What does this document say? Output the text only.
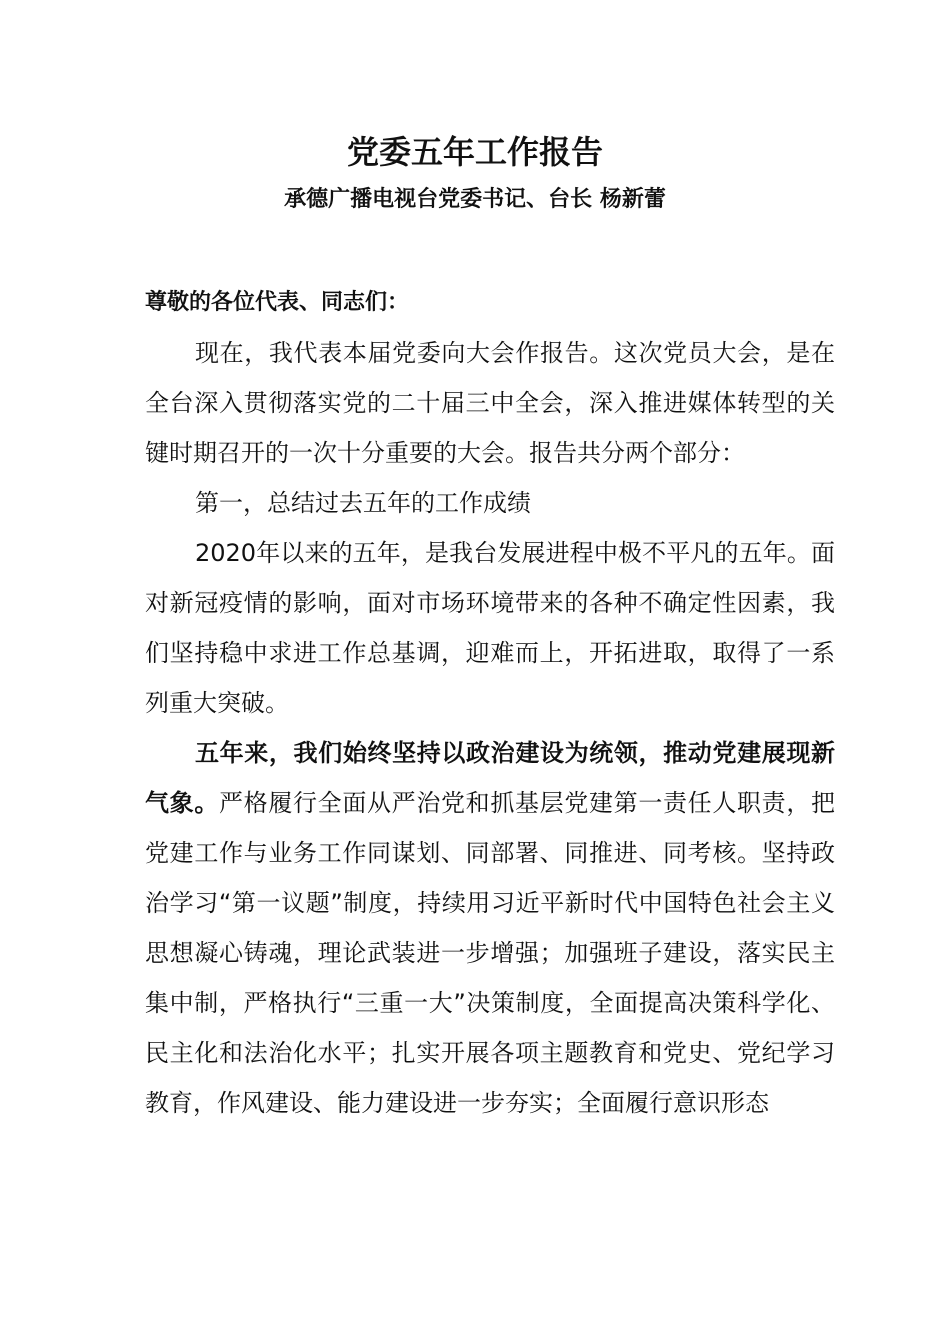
党委五年工作报告
承德广播电视台党委书记、台长 杨新蕾

尊敬的各位代表、同志们：

现在，我代表本届党委向大会作报告。这次党员大会，是在全台深入贯彻落实党的二十届三中全会，深入推进媒体转型的关键时期召开的一次十分重要的大会。报告共分两个部分：

第一，总结过去五年的工作成绩

2020年以来的五年，是我台发展进程中极不平凡的五年。面对新冠疫情的影响，面对市场环境带来的各种不确定性因素，我们坚持稳中求进工作总基调，迎难而上，开拓进取，取得了一系列重大突破。

五年来，我们始终坚持以政治建设为统领，推动党建展现新气象。严格履行全面从严治党和抓基层党建第一责任人职责，把党建工作与业务工作同谋划、同部署、同推进、同考核。坚持政治学习“第一议题”制度，持续用习近平新时代中国特色社会主义思想凝心铸魂，理论武装进一步增强；加强班子建设，落实民主集中制，严格执行“三重一大”决策制度，全面提高决策科学化、民主化和法治化水平；扎实开展各项主题教育和党史、党纪学习教育，作风建设、能力建设进一步夯实；全面履行意识形态
